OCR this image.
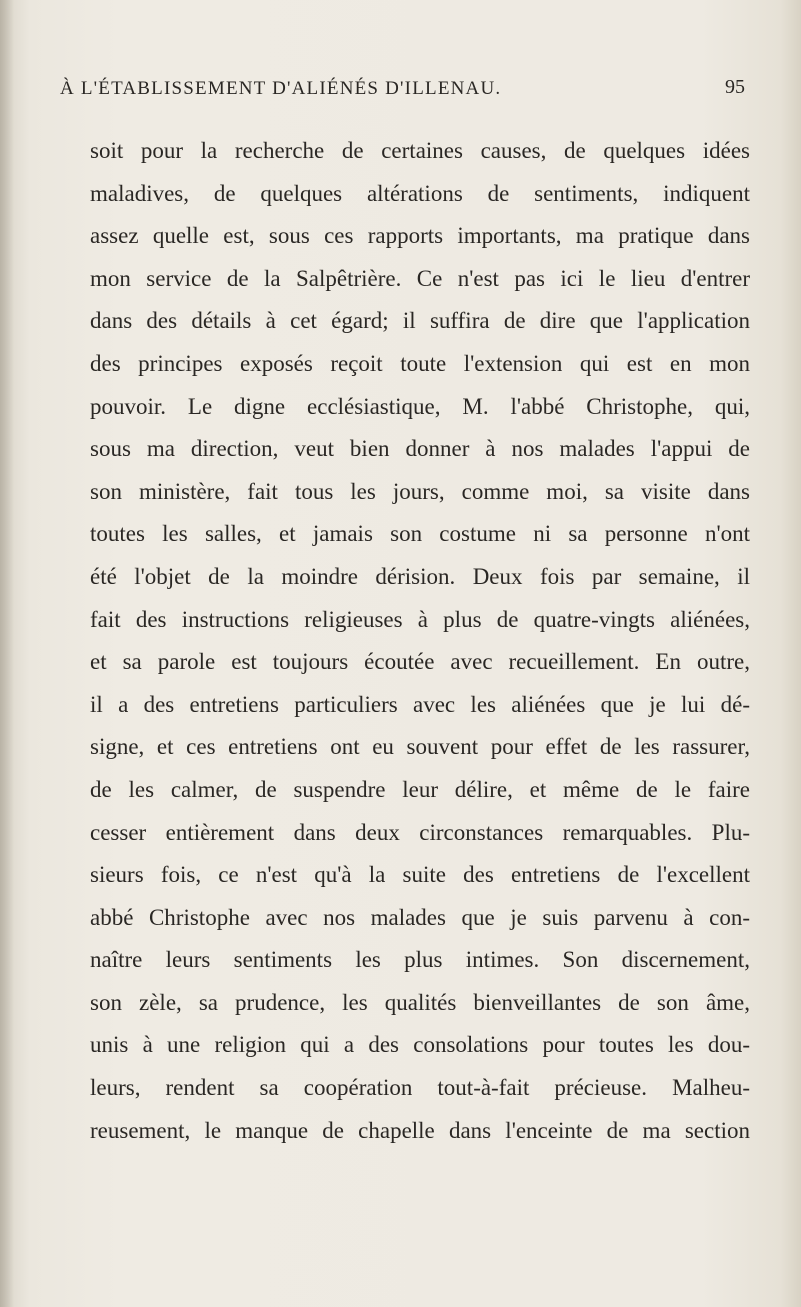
À L'ÉTABLISSEMENT D'ALIÉNÉS D'ILLENAU.	95
soit pour la recherche de certaines causes, de quelques idées
maladives, de quelques altérations de sentiments, indiquent
assez quelle est, sous ces rapports importants, ma pratique dans
mon service de la Salpêtrière. Ce n'est pas ici le lieu d'entrer
dans des détails à cet égard; il suffira de dire que l'application
des principes exposés reçoit toute l'extension qui est en mon
pouvoir. Le digne ecclésiastique, M. l'abbé Christophe, qui,
sous ma direction, veut bien donner à nos malades l'appui de
son ministère, fait tous les jours, comme moi, sa visite dans
toutes les salles, et jamais son costume ni sa personne n'ont
été l'objet de la moindre dérision. Deux fois par semaine, il
fait des instructions religieuses à plus de quatre-vingts aliénées,
et sa parole est toujours écoutée avec recueillement. En outre,
il a des entretiens particuliers avec les aliénées que je lui dé-
signe, et ces entretiens ont eu souvent pour effet de les rassurer,
de les calmer, de suspendre leur délire, et même de le faire
cesser entièrement dans deux circonstances remarquables. Plu-
sieurs fois, ce n'est qu'à la suite des entretiens de l'excellent
abbé Christophe avec nos malades que je suis parvenu à con-
naître leurs sentiments les plus intimes. Son discernement,
son zèle, sa prudence, les qualités bienveillantes de son âme,
unis à une religion qui a des consolations pour toutes les dou-
leurs, rendent sa coopération tout-à-fait précieuse. Malheu-
reusement, le manque de chapelle dans l'enceinte de ma section
